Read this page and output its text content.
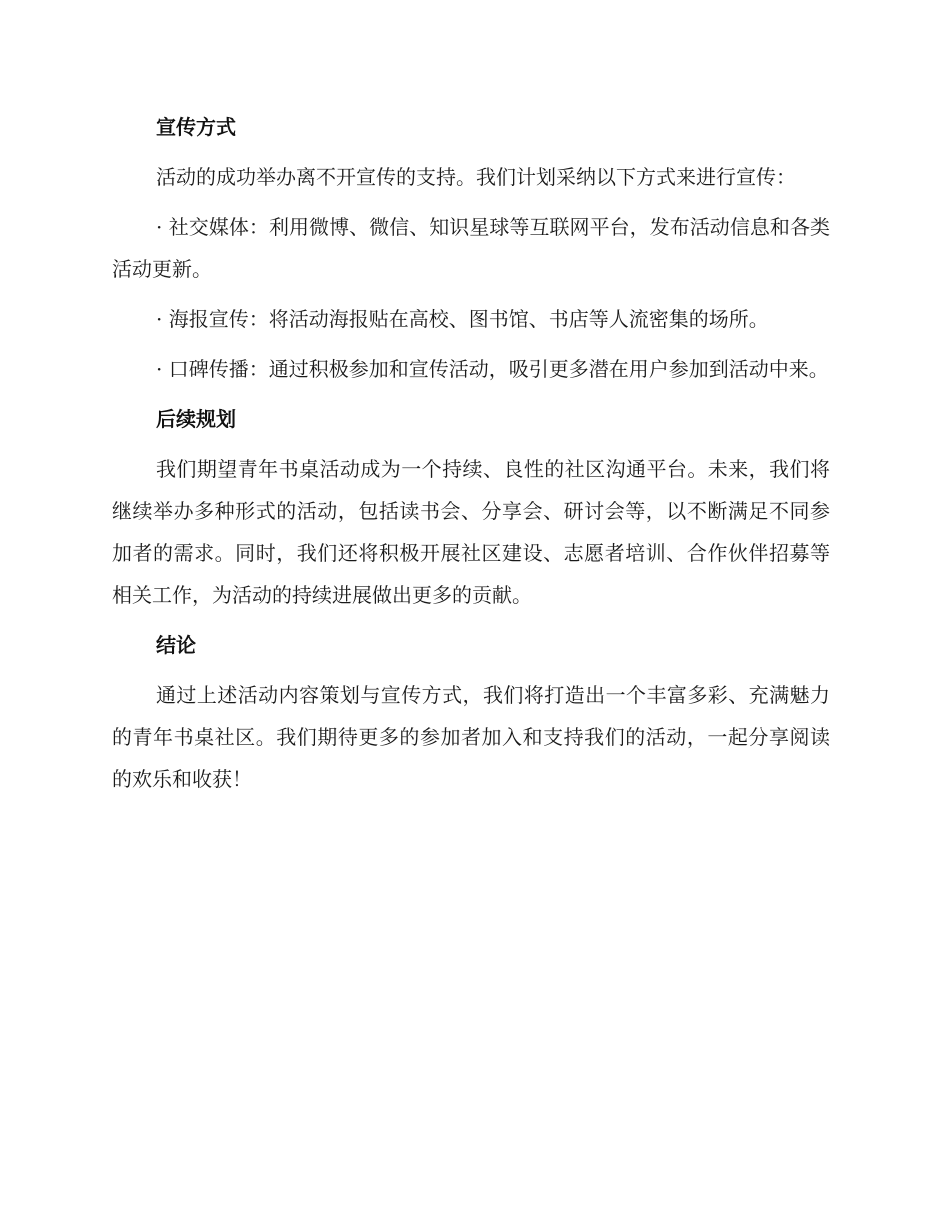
宣传方式

活动的成功举办离不开宣传的支持。我们计划采纳以下方式来进行宣传：

· 社交媒体：利用微博、微信、知识星球等互联网平台，发布活动信息和各类活动更新。

· 海报宣传：将活动海报贴在高校、图书馆、书店等人流密集的场所。

· 口碑传播：通过积极参加和宣传活动，吸引更多潜在用户参加到活动中来。

后续规划

我们期望青年书桌活动成为一个持续、良性的社区沟通平台。未来，我们将继续举办多种形式的活动，包括读书会、分享会、研讨会等，以不断满足不同参加者的需求。同时，我们还将积极开展社区建设、志愿者培训、合作伙伴招募等相关工作，为活动的持续进展做出更多的贡献。

结论

通过上述活动内容策划与宣传方式，我们将打造出一个丰富多彩、充满魅力的青年书桌社区。我们期待更多的参加者加入和支持我们的活动，一起分享阅读的欢乐和收获！
